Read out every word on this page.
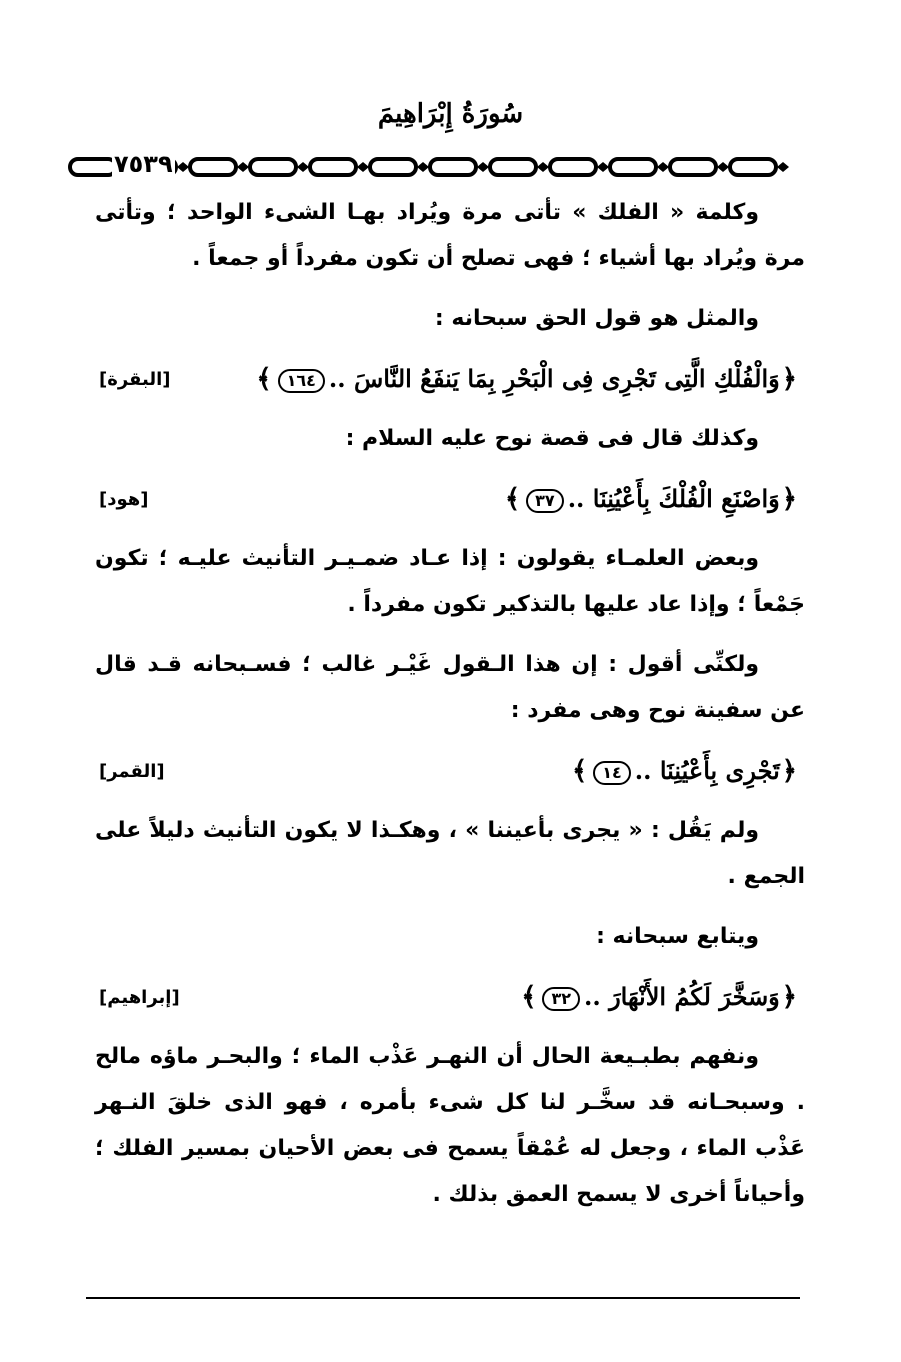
سُورَةُ إِبْرَاهِيمَ
٧٥٣٩

وكلمة « الفلك » تأتى مرة ويُراد بهـا الشىء الواحد ؛ وتأتى مرة ويُراد بها أشياء ؛ فهى تصلح أن تكون مفرداً أو جمعاً .

والمثل هو قول الحق سبحانه :

﴿وَالْفُلْكِ الَّتِى تَجْرِى فِى الْبَحْرِ بِمَا يَنفَعُ النَّاسَ ..١٦٤﴾
[البقرة]

وكذلك قال فى قصة نوح عليه السلام :

﴿وَاصْنَعِ الْفُلْكَ بِأَعْيُنِنَا ..٣٧﴾
[هود]

وبعض العلمـاء يقولون : إذا عـاد ضمـيـر التأنيث عليـه ؛ تكون جَمْعاً ؛ وإذا عاد عليها بالتذكير تكون مفرداً .

ولكنِّى أقول : إن هذا الـقول غَيْـر غالب ؛ فسـبحانه قـد قال عن سفينة نوح وهى مفرد :

﴿تَجْرِى بِأَعْيُنِنَا ..١٤﴾
[القمر]

ولم يَقُل : « يجرى بأعيننا » ، وهكـذا لا يكون التأنيث دليلاً على الجمع .

ويتابع سبحانه :

﴿وَسَخَّرَ لَكُمُ الأَنْهَارَ ..٣٢﴾
[إبراهيم]

ونفهم بطبـيعة الحال أن النهـر عَذْب الماء ؛ والبحـر ماؤه مالح . وسبحـانه قد سخَّـر لنا كل شىء بأمره ، فهو الذى خلقَ النـهر عَذْب الماء ، وجعل له عُمْقاً يسمح فى بعض الأحيان بمسير الفلك ؛ وأحياناً أخرى لا يسمح العمق بذلك .
